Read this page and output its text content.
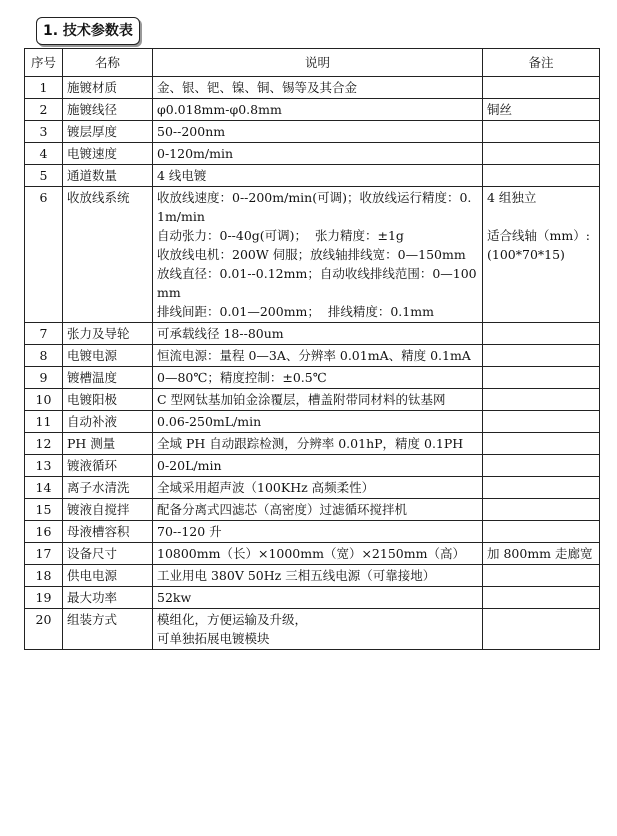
1. 技术参数表
序号	名称	说明	备注
1	施镀材质	金、银、钯、镍、铜、锡等及其合金	
2	施镀线径	φ0.018mm-φ0.8mm	铜丝
3	镀层厚度	50--200nm	
4	电镀速度	0-120m/min	
5	通道数量	4 线电镀	
6	收放线系统	收放线速度：0--200m/min(可调)；收放线运行精度：0.1m/min
自动张力：0--40g(可调)；  张力精度：±1g
收放线电机：200W 伺服；放线轴排线宽：0—150mm
放线直径：0.01--0.12mm；自动收线排线范围：0—100mm
排线间距：0.01—200mm；  排线精度：0.1mm	4 组独立

适合线轴（mm）:
(100*70*15)
7	张力及导轮	可承载线径 18--80um	
8	电镀电源	恒流电源：量程 0—3A、分辨率 0.01mA、精度 0.1mA	
9	镀槽温度	0—80℃；精度控制：±0.5℃	
10	电镀阳极	C 型网钛基加铂金涂覆层，槽盖附带同材料的钛基网	
11	自动补液	0.06-250mL/min	
12	PH 测量	全域 PH 自动跟踪检测，分辨率 0.01hP，精度 0.1PH	
13	镀液循环	0-20L/min	
14	离子水清洗	全域采用超声波（100KHz 高频柔性）	
15	镀液自搅拌	配备分离式四滤芯（高密度）过滤循环搅拌机	
16	母液槽容积	70--120 升	
17	设备尺寸	10800mm（长）×1000mm（宽）×2150mm（高）	加 800mm 走廊宽
18	供电电源	工业用电 380V 50Hz 三相五线电源（可靠接地）	
19	最大功率	52kw	
20	组装方式	模组化，方便运输及升级，
可单独拓展电镀模块	
